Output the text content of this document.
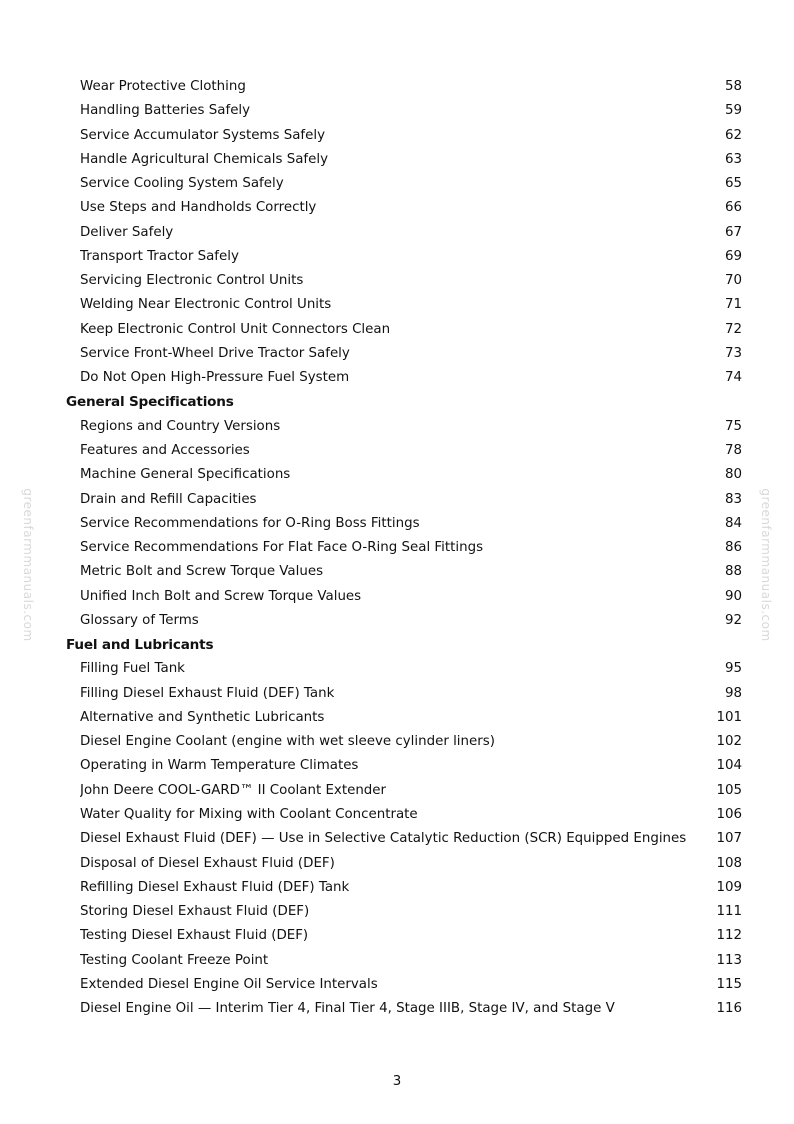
greenfarmmanuals.com	greenfarmmanuals.com
Wear Protective Clothing	58
Handling Batteries Safely	59
Service Accumulator Systems Safely	62
Handle Agricultural Chemicals Safely	63
Service Cooling System Safely	65
Use Steps and Handholds Correctly	66
Deliver Safely	67
Transport Tractor Safely	69
Servicing Electronic Control Units	70
Welding Near Electronic Control Units	71
Keep Electronic Control Unit Connectors Clean	72
Service Front-Wheel Drive Tractor Safely	73
Do Not Open High-Pressure Fuel System	74
General Specifications
Regions and Country Versions	75
Features and Accessories	78
Machine General Specifications	80
Drain and Refill Capacities	83
Service Recommendations for O-Ring Boss Fittings	84
Service Recommendations For Flat Face O-Ring Seal Fittings	86
Metric Bolt and Screw Torque Values	88
Unified Inch Bolt and Screw Torque Values	90
Glossary of Terms	92
Fuel and Lubricants
Filling Fuel Tank	95
Filling Diesel Exhaust Fluid (DEF) Tank	98
Alternative and Synthetic Lubricants	101
Diesel Engine Coolant (engine with wet sleeve cylinder liners)	102
Operating in Warm Temperature Climates	104
John Deere COOL-GARD™ II Coolant Extender	105
Water Quality for Mixing with Coolant Concentrate	106
Diesel Exhaust Fluid (DEF) — Use in Selective Catalytic Reduction (SCR) Equipped Engines	107
Disposal of Diesel Exhaust Fluid (DEF)	108
Refilling Diesel Exhaust Fluid (DEF) Tank	109
Storing Diesel Exhaust Fluid (DEF)	111
Testing Diesel Exhaust Fluid (DEF)	112
Testing Coolant Freeze Point	113
Extended Diesel Engine Oil Service Intervals	115
Diesel Engine Oil — Interim Tier 4, Final Tier 4, Stage IIIB, Stage IV, and Stage V	116
3
